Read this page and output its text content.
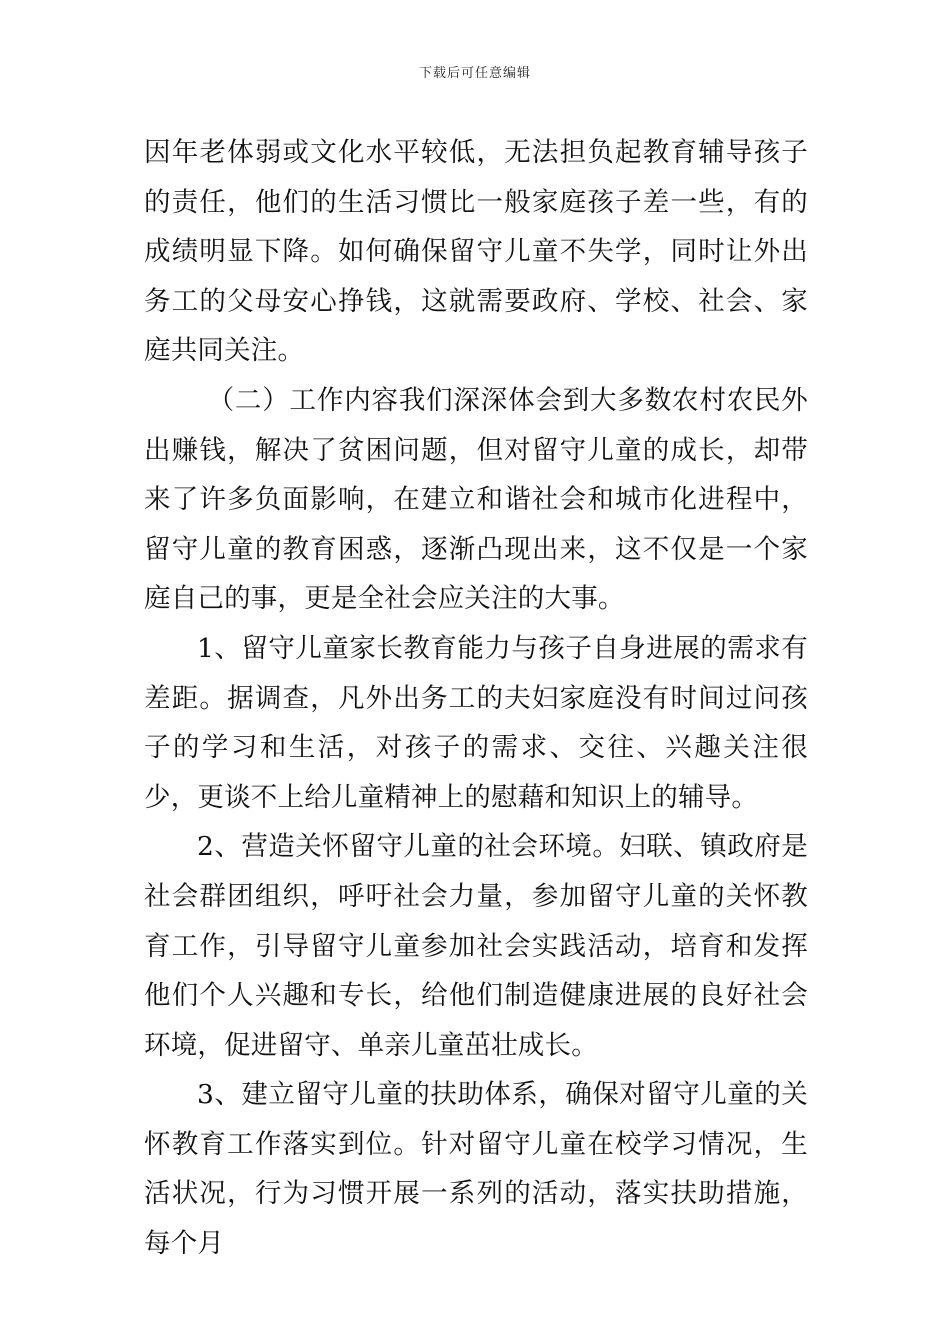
下载后可任意编辑

因年老体弱或文化水平较低，无法担负起教育辅导孩子的责任，他们的生活习惯比一般家庭孩子差一些，有的成绩明显下降。如何确保留守儿童不失学，同时让外出务工的父母安心挣钱，这就需要政府、学校、社会、家庭共同关注。

（二）工作内容我们深深体会到大多数农村农民外出赚钱，解决了贫困问题，但对留守儿童的成长，却带来了许多负面影响，在建立和谐社会和城市化进程中，留守儿童的教育困惑，逐渐凸现出来，这不仅是一个家庭自己的事，更是全社会应关注的大事。

1、留守儿童家长教育能力与孩子自身进展的需求有差距。据调查，凡外出务工的夫妇家庭没有时间过问孩子的学习和生活，对孩子的需求、交往、兴趣关注很少，更谈不上给儿童精神上的慰藉和知识上的辅导。

2、营造关怀留守儿童的社会环境。妇联、镇政府是社会群团组织，呼吁社会力量，参加留守儿童的关怀教育工作，引导留守儿童参加社会实践活动，培育和发挥他们个人兴趣和专长，给他们制造健康进展的良好社会环境，促进留守、单亲儿童茁壮成长。

3、建立留守儿童的扶助体系，确保对留守儿童的关怀教育工作落实到位。针对留守儿童在校学习情况，生活状况，行为习惯开展一系列的活动，落实扶助措施，每个月
